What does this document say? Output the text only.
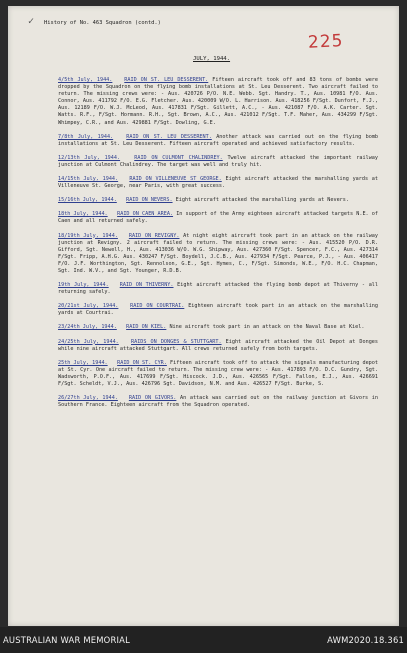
✓ History of No. 463 Squadron (contd.)
225
JULY, 1944.

4/5th July, 1944. RAID ON ST. LEU DESSERENT. Fifteen aircraft took off and 83 tons of bombs were dropped by the Squadron on the flying bomb installations at St. Leu Desserent. Two aircraft failed to return. The missing crews were: - Aus. 420726 P/O. N.E. Webb. Sgt. Handry. T., Aus. 10981 F/O. Aus. Connor, Aus. 411792 F/O. E.G. Fletcher. Aus. 420009 W/O. L. Harrison. Aus. 418256 F/Sgt. Dunfort, F.J., Aus. 12189 F/O. W.J. McLeod, Aus. 417831 F/Sgt. Gillett, A.C., - Aus. 421087 F/O. A.K. Carter. Sgt. Watts. R.F., F/Sgt. Hormann. R.H., Sgt. Brown, A.C., Aus. 421012 F/Sgt. T.F. Maher, Aus. 434299 F/Sgt. Whimpey, C.R., and Aus. 429881 F/Sgt. Dowling, G.E.

7/8th July, 1944.	RAID ON ST. LEU DESSERENT. Another attack was carried out on the flying bomb installations at St. Leu Desserent. Fifteen aircraft operated and achieved satisfactory results.

12/13th July, 1944.	RAID ON CULMONT CHALINDREY. Twelve aircraft attacked the important railway junction at Culmont Chalindrey. The target was well and truly hit.

14/15th July, 1944. RAID ON VILLENEUVE ST GEORGE. Eight aircraft attacked the marshalling yards at Villeneuve St. George, near Paris, with great success.

15/16th July, 1944. RAID ON NEVERS. Eight aircraft attacked the marshalling yards at Nevers.

18th July, 1944. RAID ON CAEN AREA. In support of the Army eighteen aircraft attacked targets N.E. of Caen and all returned safely.

18/19th July, 1944. RAID ON REVIGNY. At night eight aircraft took part in an attack on the railway junction at Revigny. 2 aircraft failed to return. The missing crews were: - Aus. 415520 P/O. D.R. Gifford, Sgt. Newell, H., Aus. 413036 W/O. W.G. Shipway, Aus. 427360 F/Sgt. Spencer, F.C., Aus. 427314 F/Sgt. Fripp, A.H.G. Aus. 430247 F/Sgt. Boydell, J.C.B., Aus. 427934 F/Sgt. Pearce, P.J., - Aus. 406417 F/O. J.F. Worthington, Sgt. Rennolson, G.E., Sgt. Hymes, C., F/Sgt. Simonds, W.E., F/O. H.C. Chapman, Sgt. Ind. W.V., and Sgt. Younger, R.D.B.

19th July, 1944. RAID ON THIVERNY. Eight aircraft attacked the flying bomb depot at Thiverny - all returning safely.

20/21st July, 1944. RAID ON COURTRAI. Eighteen aircraft took part in an attack on the marshalling yards at Courtrai.

23/24th July, 1944. RAID ON KIEL. Nine aircraft took part in an attack on the Naval Base at Kiel.

24/25th July, 1944. RAIDS ON DONGES & STUTTGART. Eight aircraft attacked the Oil Depot at Donges while nine aircraft attacked Stuttgart. All crews returned safely from both targets.

25th July, 1944. RAID ON ST. CYR. Fifteen aircraft took off to attack the signals manufacturing depot at St. Cyr. One aircraft failed to return. The missing crew were: - Aus. 417893 F/O. D.C. Gundry, Sgt. Wadsworth, P.O.F., Aus. 417699 F/Sgt. Hiscock. J.D., Aus. 426565 F/Sgt. Fallon, E.J., Aus. 426691 F/Sgt. Scheldt, V.J., Aus. 426796 Sgt. Davidson, N.M. and Aus. 426527 F/Sgt. Burke, S.

26/27th July, 1944. RAID ON GIVORS. An attack was carried out on the railway junction at Givors in Southern France. Eighteen aircraft from the Squadron operated.

AUSTRALIAN WAR MEMORIAL	AWM2020.18.361
